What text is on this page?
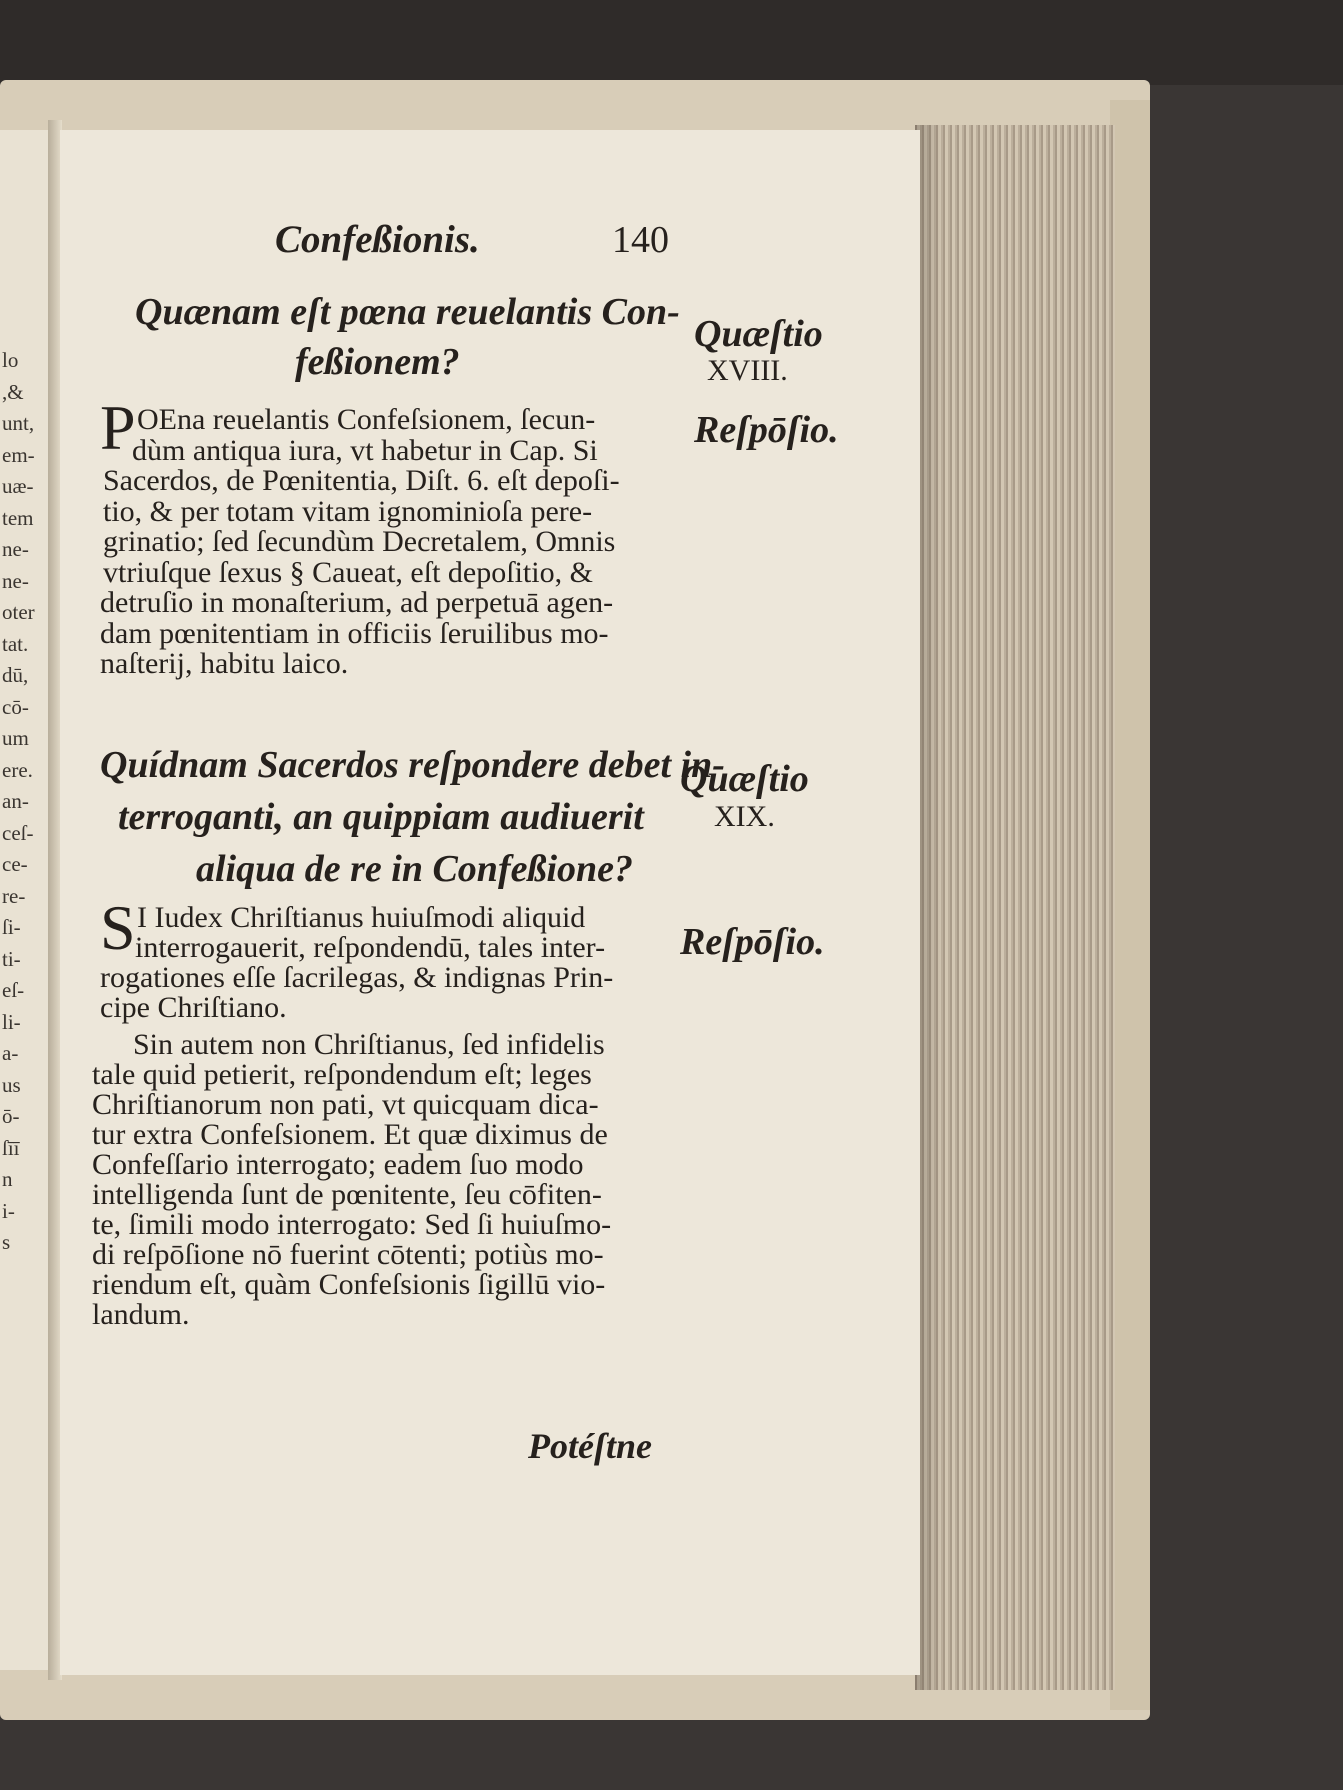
lo
,&
unt,
em-
uæ-
tem
ne-
ne-
oter
tat.
dū,
cō-
um
ere.
an-
ceſ-
ce-
re-
ſi-
ti-
eſ-
li-
a-
us
ō-
ſīī
n
i-
s
Confeßionis.	140
Quænam eſt pœna reuelantis Con-
feßionem?
Quæſtio
XVIII.
Reſpōſio.
P OEna reuelantis Confeſsionem, ſecun-
dùm antiqua iura, vt habetur in Cap. Si
Sacerdos, de Pœnitentia, Diſt. 6. eſt depoſi-
tio, & per totam vitam ignominioſa pere-
grinatio; ſed ſecundùm Decretalem, Omnis
vtriuſque ſexus § Caueat, eſt depoſitio, &
detruſio in monaſterium, ad perpetuā agen-
dam pœnitentiam in officiis ſeruilibus mo-
naſterij, habitu laico.
Quídnam Sacerdos reſpondere debet in-
terroganti, an quippiam audiuerit
aliqua de re in Confeßione?
Quæſtio
XIX.
Reſpōſio.
S I Iudex Chriſtianus huiuſmodi aliquid
interrogauerit, reſpondendū, tales inter-
rogationes eſſe ſacrilegas, & indignas Prin-
cipe Chriſtiano.
Sin autem non Chriſtianus, ſed infidelis
tale quid petierit, reſpondendum eſt; leges
Chriſtianorum non pati, vt quicquam dica-
tur extra Confeſsionem. Et quæ diximus de
Confeſſario interrogato; eadem ſuo modo
intelligenda ſunt de pœnitente, ſeu cōfiten-
te, ſimili modo interrogato: Sed ſi huiuſmo-
di reſpōſione nō fuerint cōtenti; potiùs mo-
riendum eſt, quàm Confeſsionis ſigillū vio-
landum.
Potéſtne
